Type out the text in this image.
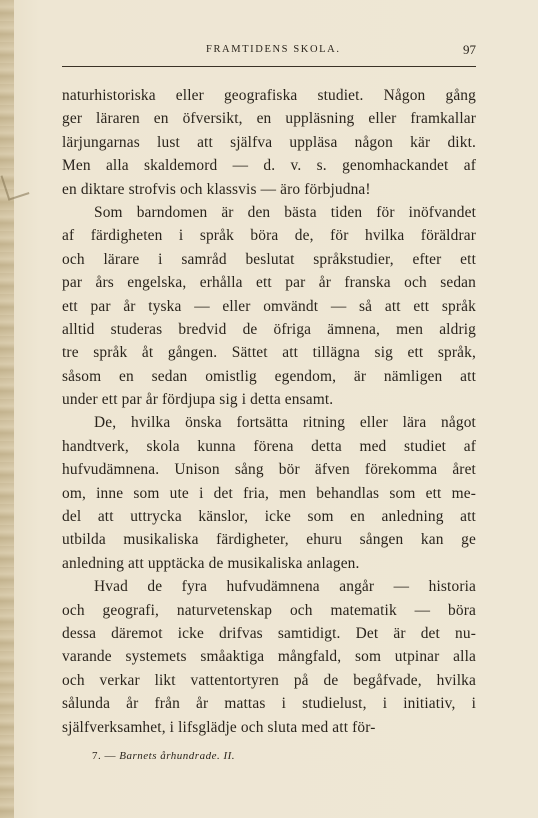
FRAMTIDENS SKOLA.	97
naturhistoriska eller geografiska studiet. Någon gång
ger läraren en öfversikt, en uppläsning eller framkallar
lärjungarnas lust att själfva uppläsa någon kär dikt.
Men alla skaldemord — d. v. s. genomhackandet af
en diktare strofvis och klassvis — äro förbjudna!
Som barndomen är den bästa tiden för inöfvandet
af färdigheten i språk böra de, för hvilka föräldrar
och lärare i samråd beslutat språkstudier, efter ett
par års engelska, erhålla ett par år franska och sedan
ett par år tyska — eller omvändt — så att ett språk
alltid studeras bredvid de öfriga ämnena, men aldrig
tre språk åt gången. Sättet att tillägna sig ett språk,
såsom en sedan omistlig egendom, är nämligen att
under ett par år fördjupa sig i detta ensamt.
De, hvilka önska fortsätta ritning eller lära något
handtverk, skola kunna förena detta med studiet af
hufvudämnena. Unison sång bör äfven förekomma året
om, inne som ute i det fria, men behandlas som ett me-
del att uttrycka känslor, icke som en anledning att
utbilda musikaliska färdigheter, ehuru sången kan ge
anledning att upptäcka de musikaliska anlagen.
Hvad de fyra hufvudämnena angår — historia
och geografi, naturvetenskap och matematik — böra
dessa däremot icke drifvas samtidigt. Det är det nu-
varande systemets småaktiga mångfald, som utpinar alla
och verkar likt vattentortyren på de begåfvade, hvilka
sålunda år från år mattas i studielust, i initiativ, i
själfverksamhet, i lifsglädje och sluta med att för-
7. — Barnets århundrade. II.
